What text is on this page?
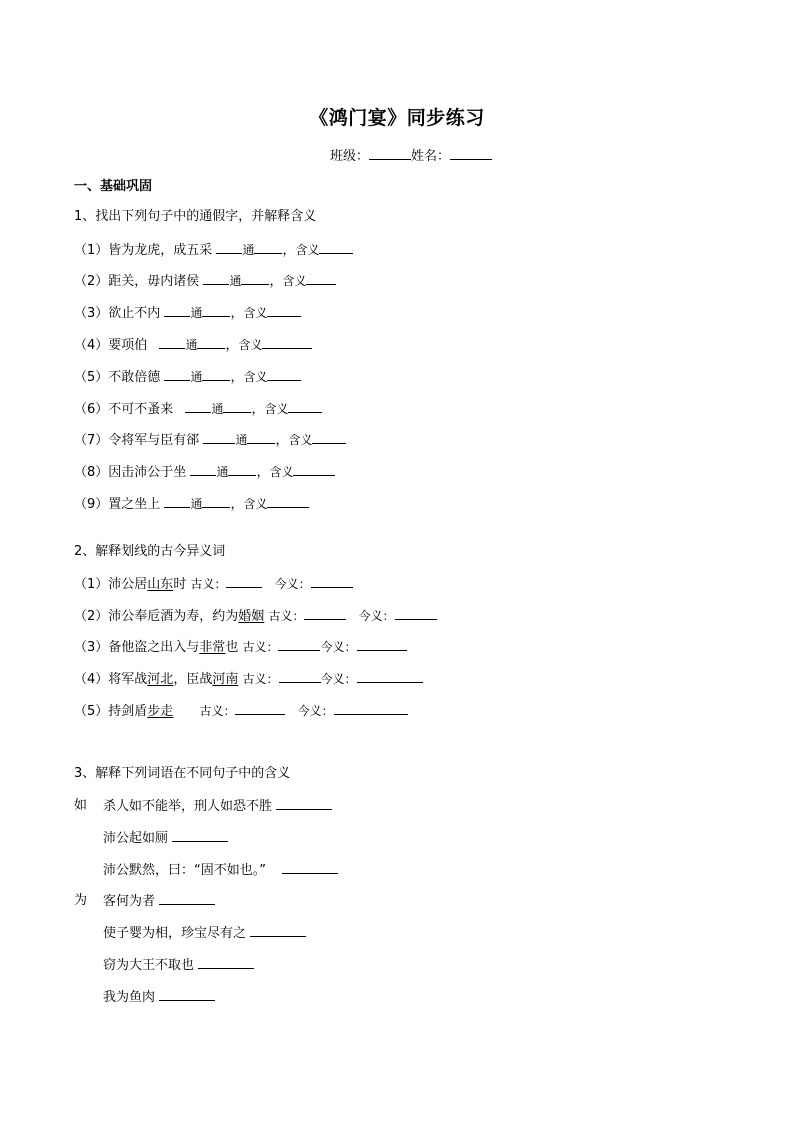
《鸿门宴》同步练习
班级：	姓名：
一、基础巩固
1、找出下列句子中的通假字，并解释含义
（1）皆为龙虎，成五采	通 ，含义
（2）距关，毋内诸侯	通 ，含义
（3）欲止不内	通 ，含义
（4）要项伯	通 ，含义
（5）不敢倍德	通 ，含义
（6）不可不蚤来	通 ，含义
（7）令将军与臣有郤	通 ，含义
（8）因击沛公于坐	通 ，含义
（9）置之坐上	通 ，含义
2、解释划线的古今异义词
（1）沛公居山东时 古义：	今义：
（2）沛公奉卮酒为寿，约为婚姻 古义：	今义：
（3）备他盗之出入与非常也 古义：	今义：
（4）将军战河北，臣战河南 古义：	今义：
（5）持剑盾步走 古义：	今义：
3、解释下列词语在不同句子中的含义
如 杀人如不能举，刑人如恐不胜
沛公起如厕
沛公默然，曰：“固不如也。”
为 客何为者
使子婴为相，珍宝尽有之
窃为大王不取也
我为鱼肉
